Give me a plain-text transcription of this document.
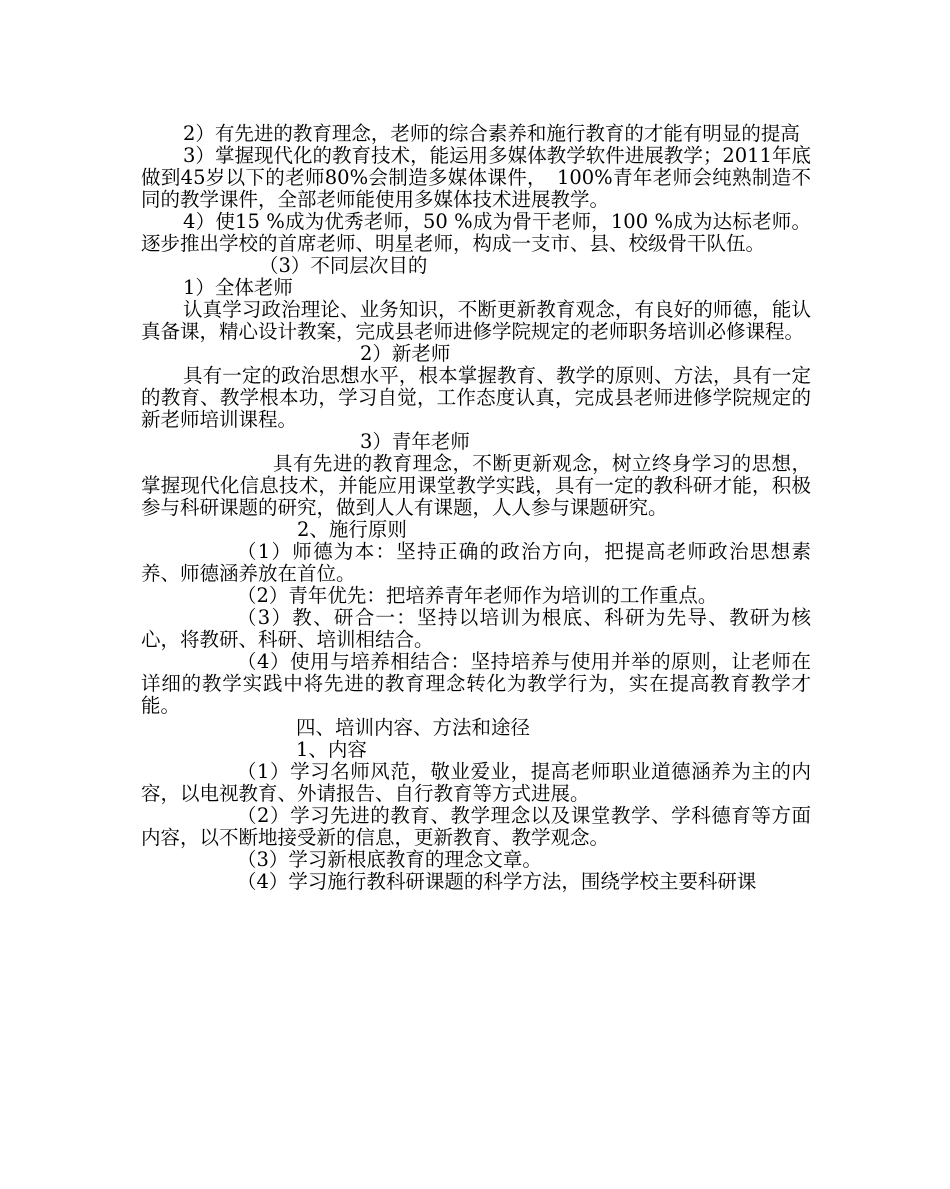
2）有先进的教育理念，老师的综合素养和施行教育的才能有明显的提高

3）掌握现代化的教育技术，能运用多媒体教学软件进展教学；2011年底做到45岁以下的老师80%会制造多媒体课件，　100%青年老师会纯熟制造不同的教学课件，全部老师能使用多媒体技术进展教学。

4）使15 %成为优秀老师，50 %成为骨干老师，100 %成为达标老师。逐步推出学校的首席老师、明星老师，构成一支市、县、校级骨干队伍。

（3）不同层次目的

1）全体老师

认真学习政治理论、业务知识，不断更新教育观念，有良好的师德，能认真备课，精心设计教案，完成县老师进修学院规定的老师职务培训必修课程。

2）新老师

具有一定的政治思想水平，根本掌握教育、教学的原则、方法，具有一定的教育、教学根本功，学习自觉，工作态度认真，完成县老师进修学院规定的新老师培训课程。

3）青年老师

具有先进的教育理念，不断更新观念，树立终身学习的思想，掌握现代化信息技术，并能应用课堂教学实践，具有一定的教科研才能，积极参与科研课题的研究，做到人人有课题，人人参与课题研究。

2、施行原则

（1）师德为本：坚持正确的政治方向，把提高老师政治思想素养、师德涵养放在首位。

（2）青年优先：把培养青年老师作为培训的工作重点。

（3）教、研合一：坚持以培训为根底、科研为先导、教研为核心，将教研、科研、培训相结合。

（4）使用与培养相结合：坚持培养与使用并举的原则，让老师在详细的教学实践中将先进的教育理念转化为教学行为，实在提高教育教学才能。

四、培训内容、方法和途径

1、内容

（1）学习名师风范，敬业爱业，提高老师职业道德涵养为主的内容，以电视教育、外请报告、自行教育等方式进展。

（2）学习先进的教育、教学理念以及课堂教学、学科德育等方面内容，以不断地接受新的信息，更新教育、教学观念。

（3）学习新根底教育的理念文章。

（4）学习施行教科研课题的科学方法，围绕学校主要科研课
